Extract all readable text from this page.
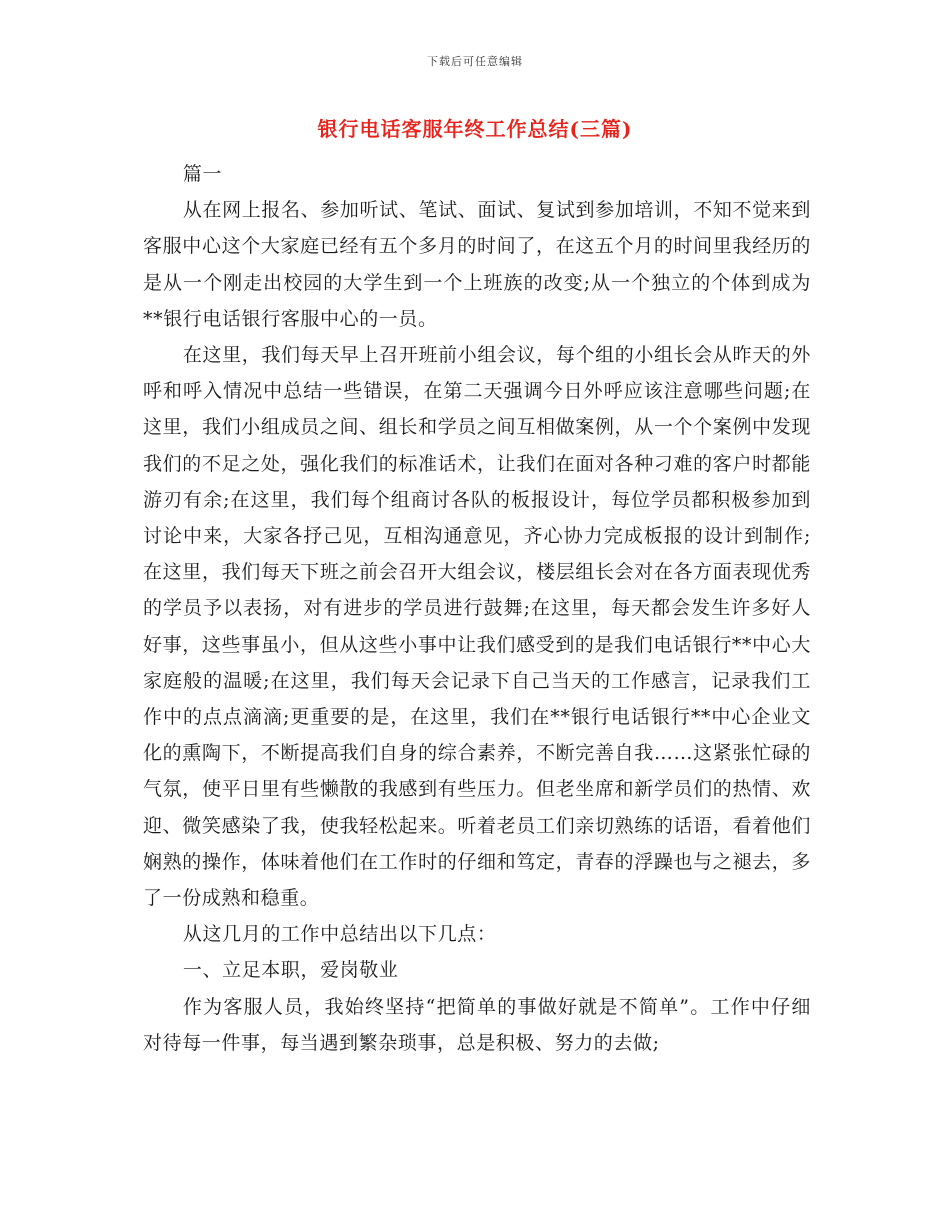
下载后可任意编辑
银行电话客服年终工作总结(三篇)

篇一

从在网上报名、参加听试、笔试、面试、复试到参加培训，不知不觉来到客服中心这个大家庭已经有五个多月的时间了，在这五个月的时间里我经历的是从一个刚走出校园的大学生到一个上班族的改变;从一个独立的个体到成为**银行电话银行客服中心的一员。

在这里，我们每天早上召开班前小组会议，每个组的小组长会从昨天的外呼和呼入情况中总结一些错误，在第二天强调今日外呼应该注意哪些问题;在这里，我们小组成员之间、组长和学员之间互相做案例，从一个个案例中发现我们的不足之处，强化我们的标准话术，让我们在面对各种刁难的客户时都能游刃有余;在这里，我们每个组商讨各队的板报设计，每位学员都积极参加到讨论中来，大家各抒己见，互相沟通意见，齐心协力完成板报的设计到制作;在这里，我们每天下班之前会召开大组会议，楼层组长会对在各方面表现优秀的学员予以表扬，对有进步的学员进行鼓舞;在这里，每天都会发生许多好人好事，这些事虽小，但从这些小事中让我们感受到的是我们电话银行**中心大家庭般的温暖;在这里，我们每天会记录下自己当天的工作感言，记录我们工作中的点点滴滴;更重要的是，在这里，我们在**银行电话银行**中心企业文化的熏陶下，不断提高我们自身的综合素养，不断完善自我……这紧张忙碌的气氛，使平日里有些懒散的我感到有些压力。但老坐席和新学员们的热情、欢迎、微笑感染了我，使我轻松起来。听着老员工们亲切熟练的话语，看着他们娴熟的操作，体味着他们在工作时的仔细和笃定，青春的浮躁也与之褪去，多了一份成熟和稳重。

从这几月的工作中总结出以下几点：

一、立足本职，爱岗敬业

作为客服人员，我始终坚持“把简单的事做好就是不简单”。工作中仔细对待每一件事，每当遇到繁杂琐事，总是积极、努力的去做;
